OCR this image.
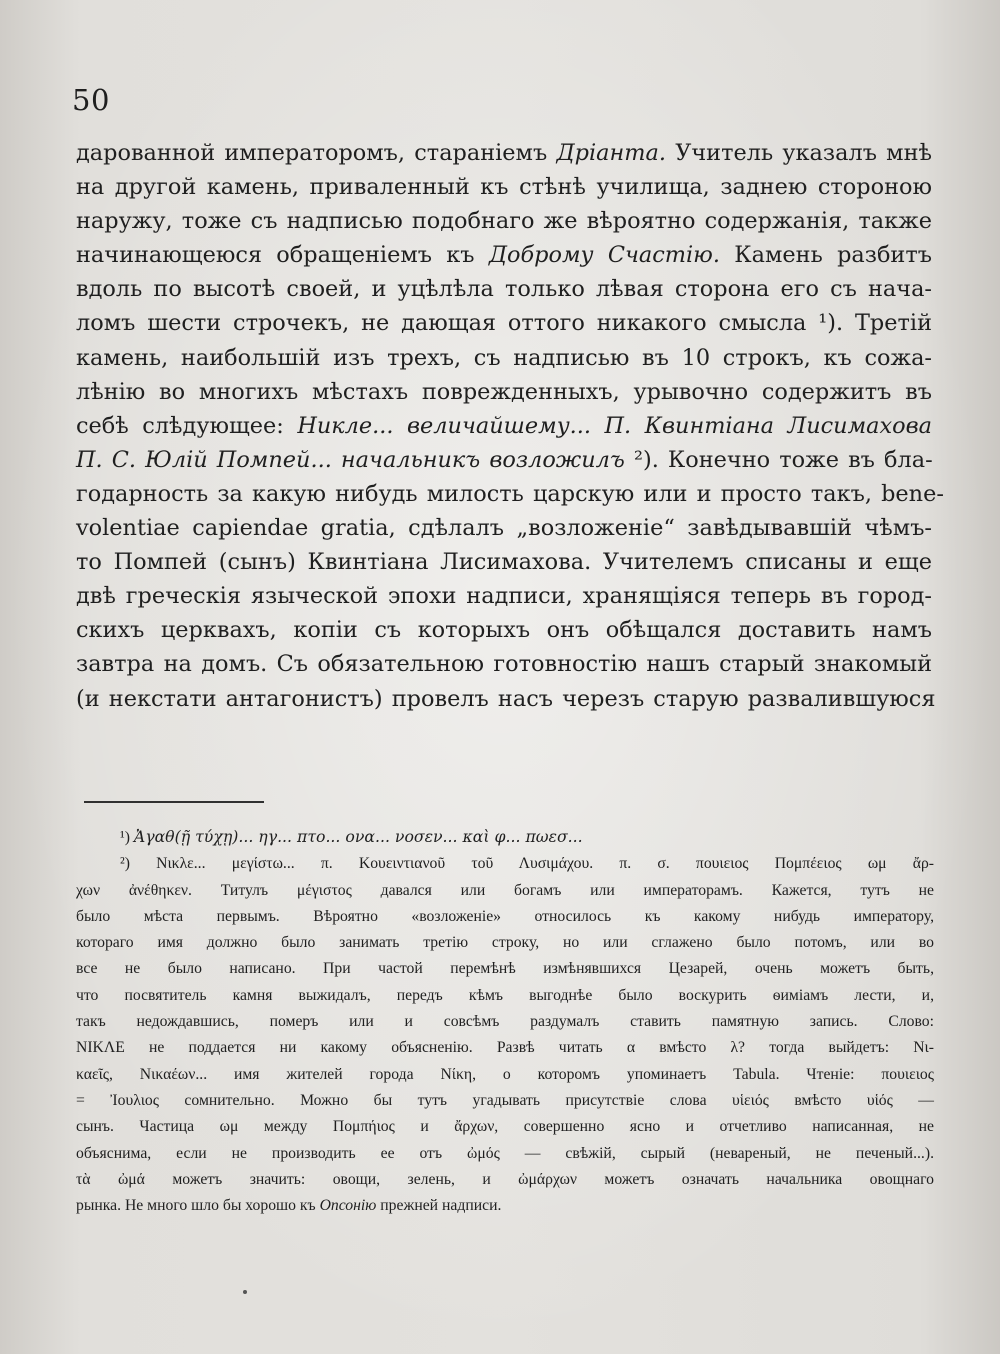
50
дарованной императоромъ, стараніемъ Дріанта. Учитель указалъ мнѣ
на другой камень, приваленный къ стѣнѣ училища, заднею стороною
наружу, тоже съ надписью подобнаго же вѣроятно содержанія, также
начинающеюся обращеніемъ къ Доброму Счастію. Камень разбитъ
вдоль по высотѣ своей, и уцѣлѣла только лѣвая сторона его съ нача-
ломъ шести строчекъ, не дающая оттого никакого смысла ¹). Третій
камень, наибольшій изъ трехъ, съ надписью въ 10 строкъ, къ сожа-
лѣнію во многихъ мѣстахъ поврежденныхъ, урывочно содержитъ въ
себѣ слѣдующее: Никле... величайшему... П. Квинтіана Лисимахова
П. С. Юлій Помпей... начальникъ возложилъ ²). Конечно тоже въ бла-
годарность за какую нибудь милость царскую или и просто такъ, benе-
volentiae capiendae gratia, сдѣлалъ „возложеніе“ завѣдывавшій чѣмъ-
то Помпей (сынъ) Квинтіана Лисимахова. Учителемъ списаны и еще
двѣ греческія языческой эпохи надписи, хранящіяся теперь въ город-
скихъ церквахъ, копіи съ которыхъ онъ обѣщался доставить намъ
завтра на домъ. Съ обязательною готовностію нашъ старый знакомый
(и некстати антагонистъ) провелъ насъ черезъ старую развалившуюся
¹) Ἀγαθ(ῇ τύχῃ)... ηγ... πτο... ονα... νοσεν... καὶ φ... πωεσ...
²) Νικλε... μεγίστω... π. Κουειντιανοῦ τοῦ Λυσιμάχου. π. σ. πουιειος Πομπέειος ωμ ἄρ-
χων ἀνέθηκεν. Титулъ μέγιστος давался или богамъ или императорамъ. Кажется, тутъ не
было мѣста первымъ. Вѣроятно «возложеніе» относилось къ какому нибудь императору,
котораго имя должно было занимать третію строку, но или сглажено было потомъ, или во
все не было написано. При частой перемѣнѣ измѣнявшихся Цезарей, очень можетъ быть,
что посвятитель камня выжидалъ, передъ кѣмъ выгоднѣе было воскурить ѳиміамъ лести, и,
такъ недождавшись, померъ или и совсѣмъ раздумалъ ставить памятную запись. Слово:
NIKΛE не поддается ни какому объясненію. Развѣ читать α вмѣсто λ? тогда выйдетъ: Νι-
καεῖς, Νικαέων... имя жителей города Νίκη, о которомъ упоминаетъ Tabula. Чтеніе: πουιειος
= Ἰουλιος сомнительно. Можно бы тутъ угадывать присутствіе слова υἱειός вмѣсто υἱός —
сынъ. Частица ωμ между Πομπήιος и ἄρχων, совершенно ясно и отчетливо написанная, не
объяснима, если не производить ее отъ ὠμός — свѣжій, сырый (невареный, не печеный...).
τὰ ὠμά можетъ значить: овощи, зелень, и ὠμάρχων можетъ означать начальника овощнаго
рынка. Не много шло бы хорошо къ Опсонію прежней надписи.
